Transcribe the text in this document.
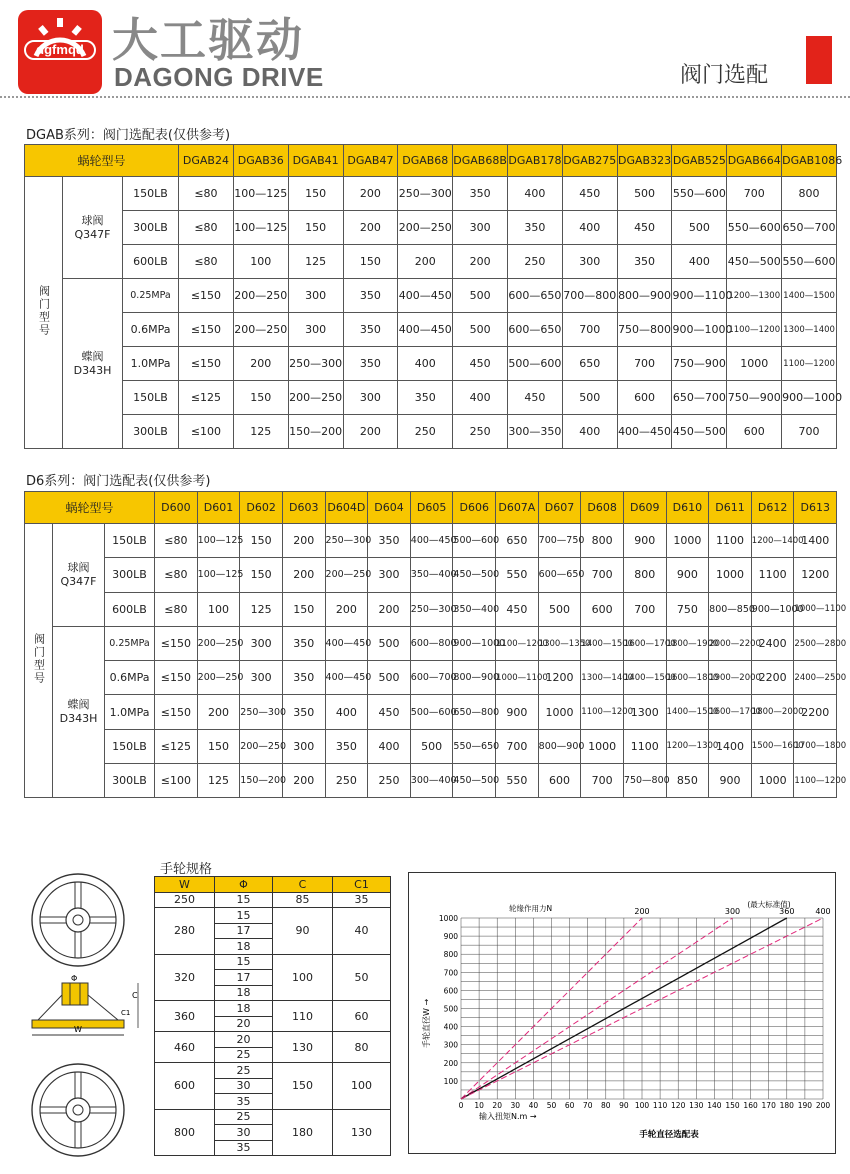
dgfmqd 大工驱动
DAGONG DRIVE	阀门选配
DGAB系列：阀门选配表(仅供参考)
蜗轮型号			DGAB24	DGAB36	DGAB41	DGAB47	DGAB68	DGAB68B	DGAB178	DGAB275	DGAB323	DGAB525	DGAB664	DGAB1086
阀门型号	球阀
Q347F	150LB	≤80	100—125	150	200	250—300	350	400	450	500	550—600	700	800
		300LB	≤80	100—125	150	200	200—250	300	350	400	450	500	550—600	650—700
		600LB	≤80	100	125	150	200	200	250	300	350	400	450—500	550—600

	蝶阀
D343H	0.25MPa	≤150	200—250	300	350	400—450	500	600—650	700—800	800—900	900—1100	1200—1300	1400—1500
		0.6MPa	≤150	200—250	300	350	400—450	500	600—650	700	750—800	900—1000	1100—1200	1300—1400
		1.0MPa	≤150	200	250—300	350	400	450	500—600	650	700	750—900	1000	1100—1200
		150LB	≤125	150	200—250	300	350	400	450	500	600	650—700	750—900	900—1000
		300LB	≤100	125	150—200	200	250	250	300—350	400	400—450	450—500	600	700
D6系列：阀门选配表(仅供参考)
蜗轮型号			D600	D601	D602	D603	D604D	D604	D605	D606	D607A	D607	D608	D609	D610	D611	D612	D613
阀门型号	球阀
Q347F	150LB	≤80	100—125	150	200	250—300	350	400—450	500—600	650	700—750	800	900	1000	1100	1200—1400	1400
		300LB	≤80	100—125	150	200	200—250	300	350—400	450—500	550	600—650	700	800	900	1000	1100	1200
		600LB	≤80	100	125	150	200	200	250—300	350—400	450	500	600	700	750	800—850	900—1000	1000—1100

	蝶阀
D343H	0.25MPa	≤150	200—250	300	350	400—450	500	600—800	900—1000	1100—1200	1300—1350	1400—1500	1600—1700	1800—1900	2000—2200	2400	2500—2800
		0.6MPa	≤150	200—250	300	350	400—450	500	600—700	800—900	1000—1100	1200	1300—1400	1400—1500	1600—1800	1900—2000	2200	2400—2500
		1.0MPa	≤150	200	250—300	350	400	450	500—600	650—800	900	1000	1100—1200	1300	1400—1500	1600—1700	1800—2000	2200
		150LB	≤125	150	200—250	300	350	400	500	550—650	700	800—900	1000	1100	1200—1300	1400	1500—1600	1700—1800
		300LB	≤100	125	150—200	200	250	250	300—400	450—500	550	600	700	750—800	850	900	1000	1100—1200
Φ
C
C1
W
手轮规格
W	Φ	C	C1
250	15	85	35
280	15	90	40
	17		
	18		
320	15	100	50
	17		
	18		
360	18	110	60
	20		
460	20	130	80
	25		
600	25	150	100
	30		
	35		
800	25	180	130
	30		
	35		
0 10 20 30 40 50 60 70 80 90 100 110 120 130 140 150 160 170 180 190 200
100
200
300
400
500
600
700
800
900
1000
200	300	360	400
轮缘作用力N	(最大标准值)
输入扭矩N.m →
手轮直径选配表
手轮直径W →
